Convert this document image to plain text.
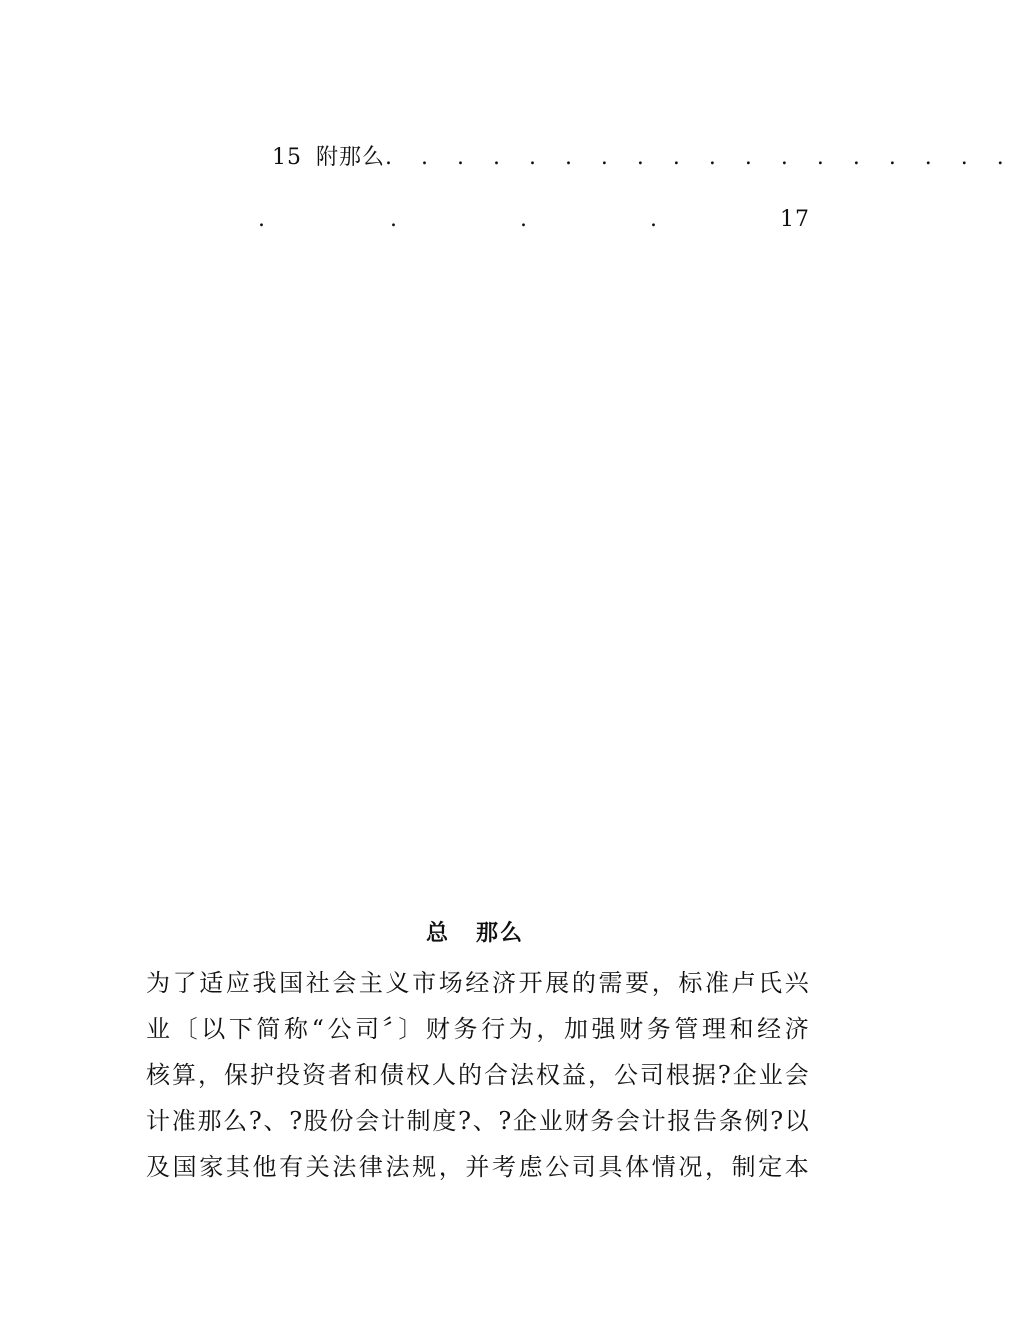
15 附那么. . . . . . . . . . . . . . . . . .
.	.	.	.	17
总 那么
为了适应我国社会主义市场经济开展的需要，标准卢氏兴
业〔以下简称“公司〞〕财务行为，加强财务管理和经济
核算，保护投资者和债权人的合法权益，公司根据?企业会
计准那么?、?股份会计制度?、?企业财务会计报告条例?以
及国家其他有关法律法规，并考虑公司具体情况，制定本
